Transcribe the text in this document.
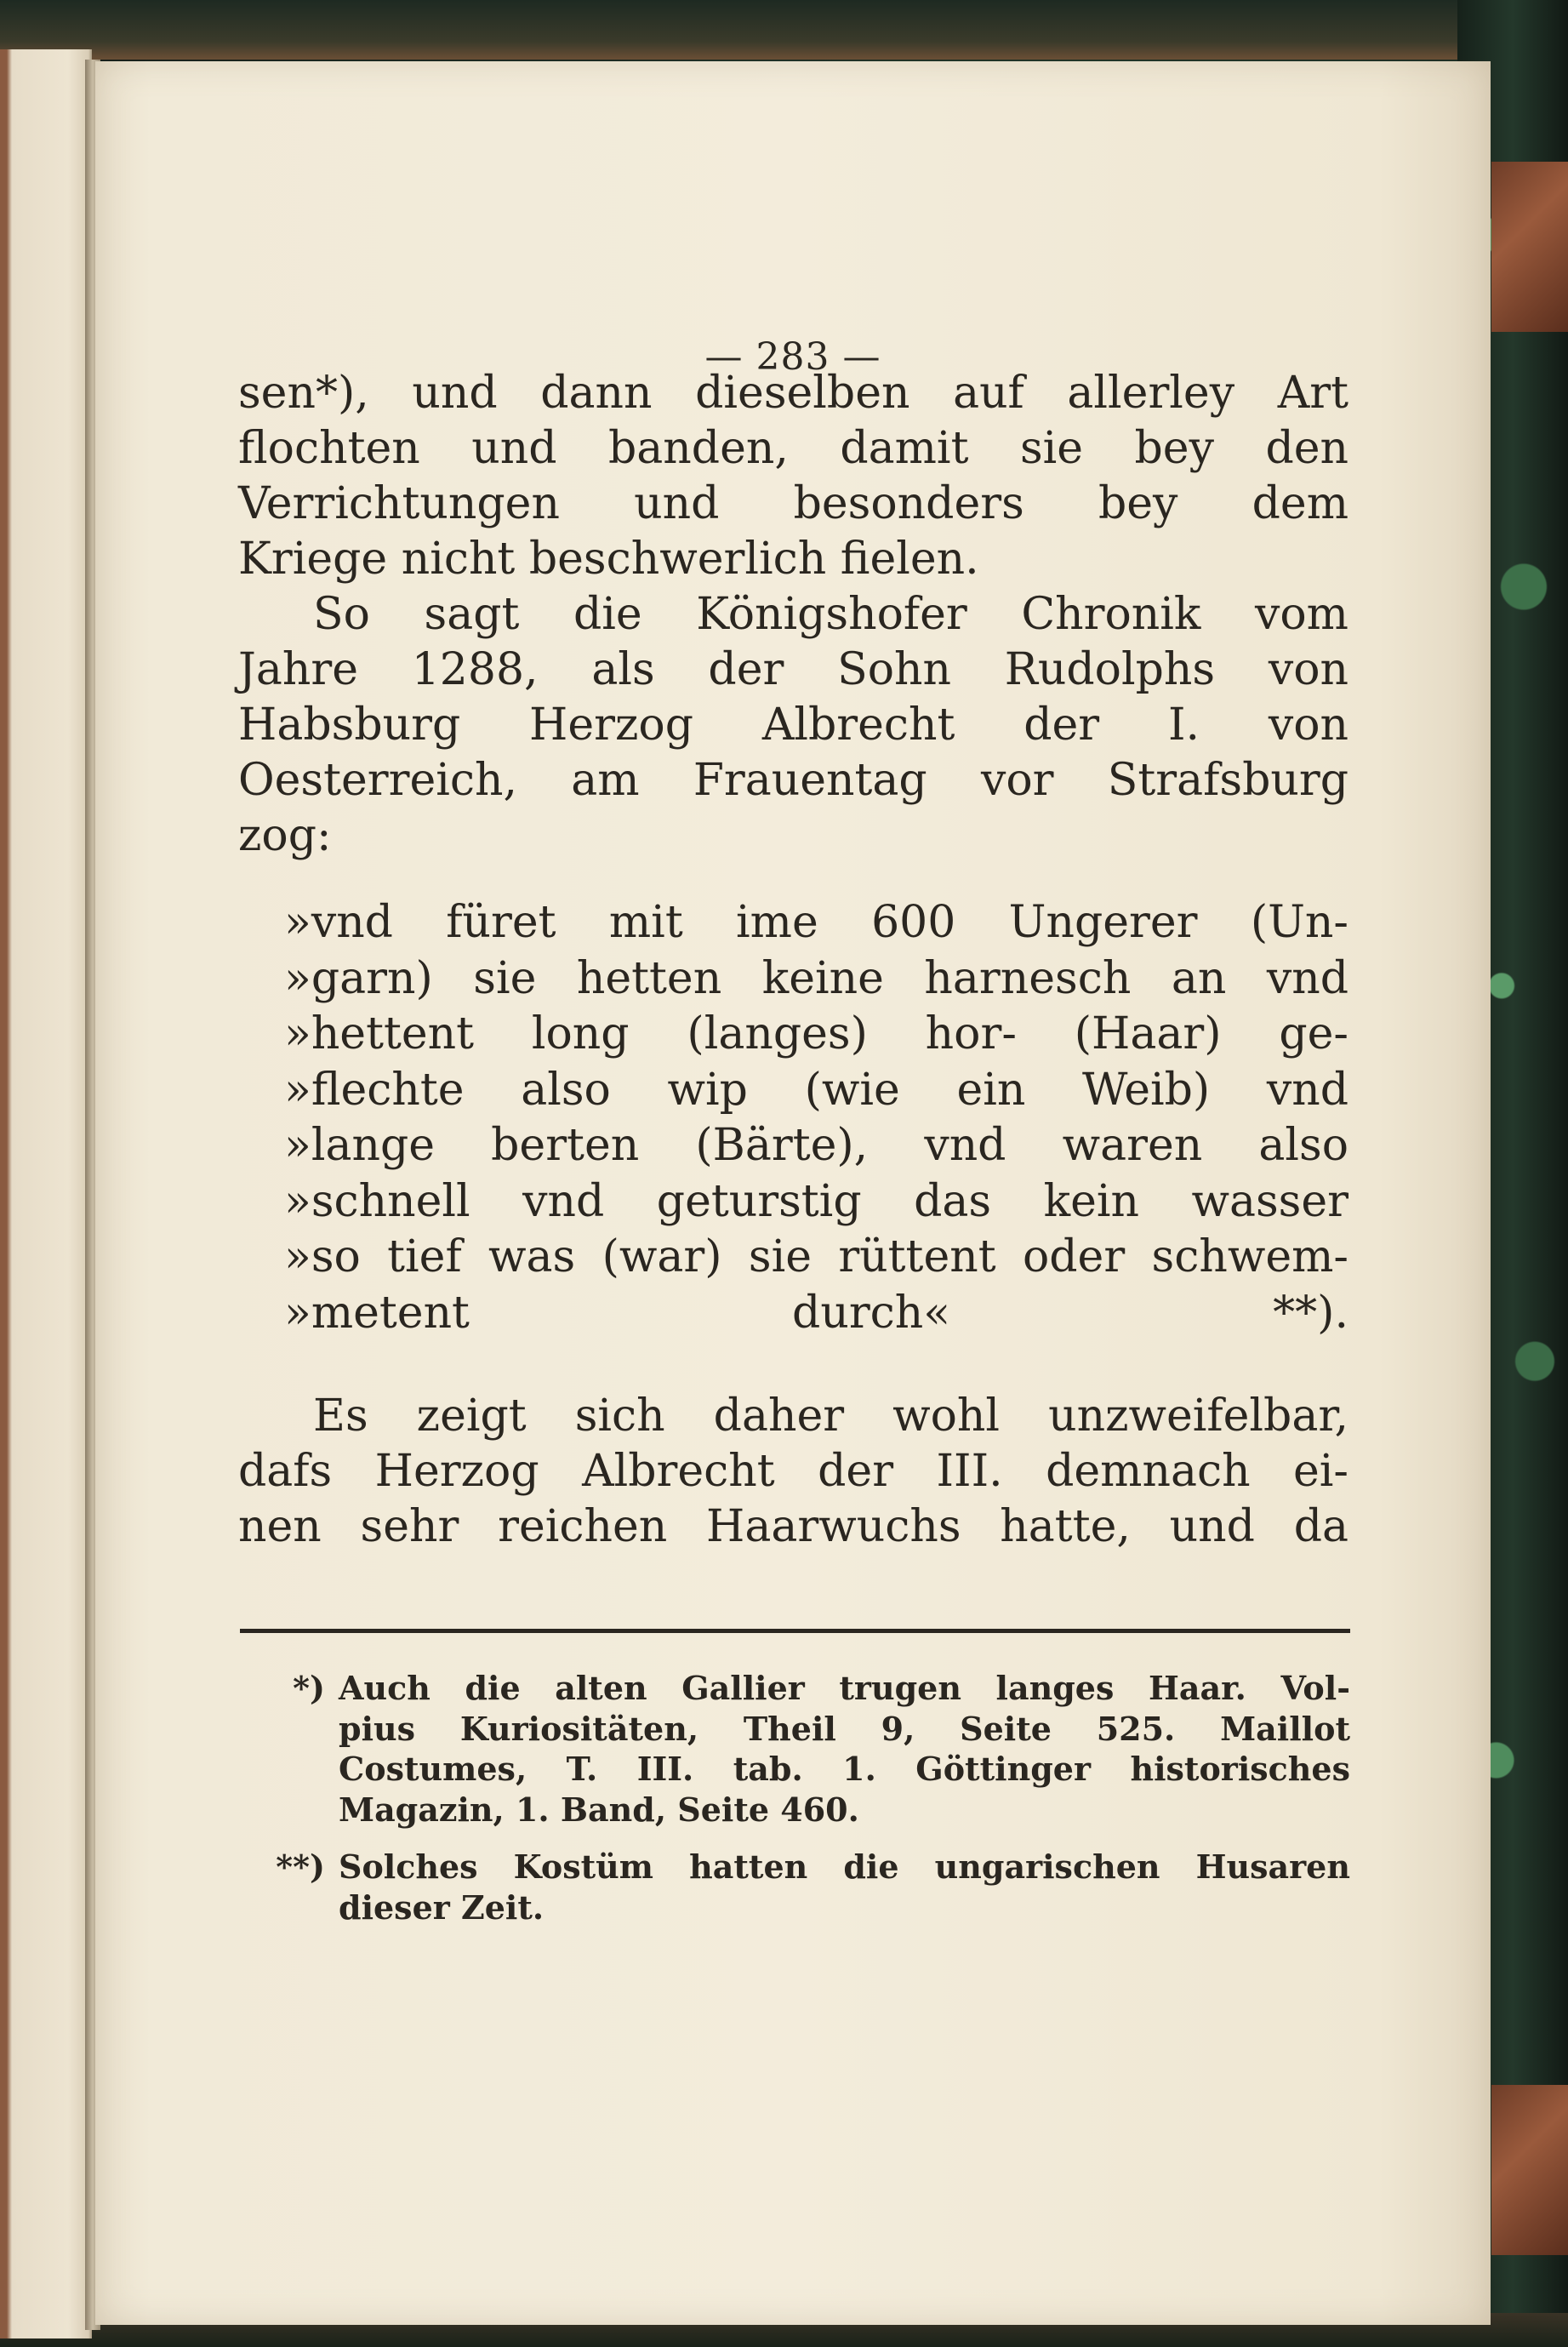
— 283 —
sen*), und dann dieselben auf allerley Art
flochten und banden, damit sie bey den
Verrichtungen und besonders bey dem
Kriege nicht beschwerlich fielen.
So sagt die Königshofer Chronik vom
Jahre 1288, als der Sohn Rudolphs von
Habsburg Herzog Albrecht der I. von
Oesterreich, am Frauentag vor Strafsburg
zog:
»vnd füret mit ime 600 Ungerer (Un-
»garn) sie hetten keine harnesch an vnd
»hettent long (langes) hor- (Haar) ge-
»flechte also wip (wie ein Weib) vnd
»lange berten (Bärte), vnd waren also
»schnell vnd geturstig das kein wasser
»so tief was (war) sie rüttent oder schwem-
»metent durch« **).
Es zeigt sich daher wohl unzweifelbar,
dafs Herzog Albrecht der III. demnach ei-
nen sehr reichen Haarwuchs hatte, und da
*) Auch die alten Gallier trugen langes Haar. Vol-
pius Kuriositäten, Theil 9, Seite 525. Maillot
Costumes, T. III. tab. 1. Göttinger historisches
Magazin, 1. Band, Seite 460.
**) Solches Kostüm hatten die ungarischen Husaren
dieser Zeit.
